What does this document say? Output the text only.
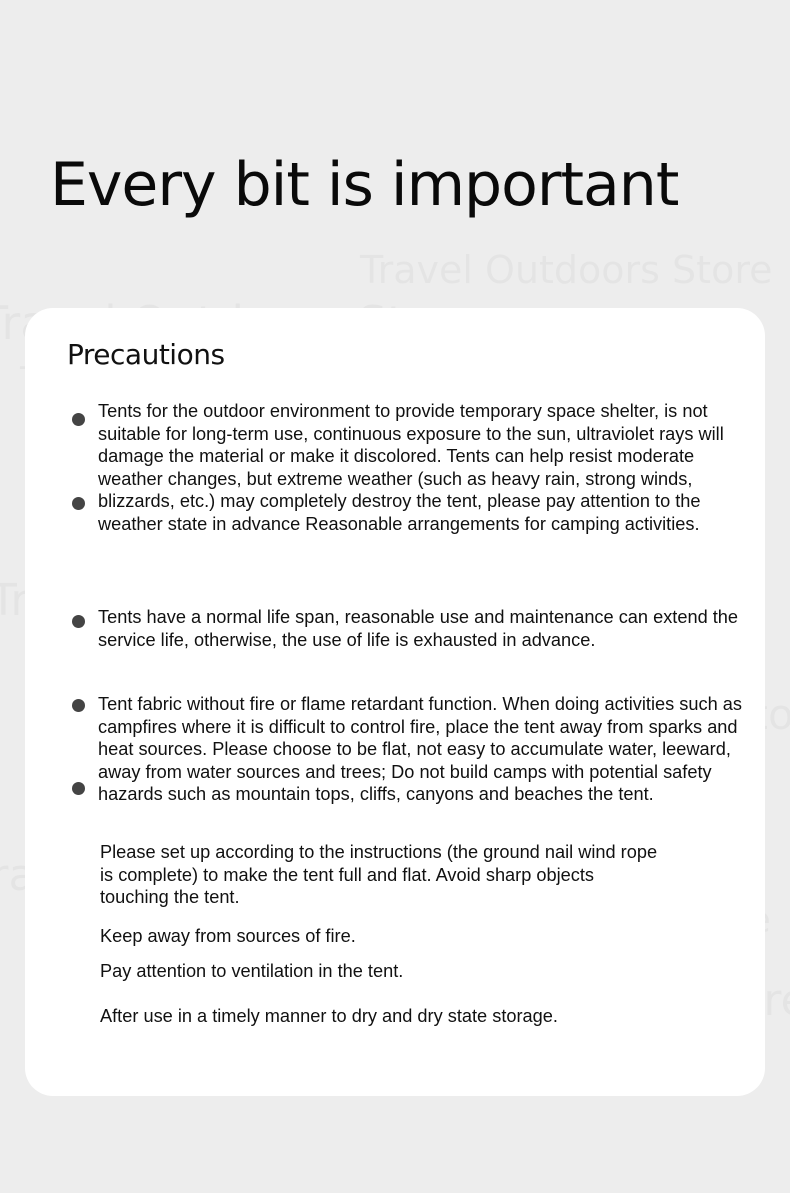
Every bit is important
Precautions

Tents for the outdoor environment to provide temporary space shelter, is not suitable for long-term use, continuous exposure to the sun, ultraviolet rays will damage the material or make it discolored. Tents can help resist moderate weather changes, but extreme weather (such as heavy rain, strong winds, blizzards, etc.) may completely destroy the tent, please pay attention to the weather state in advance Reasonable arrangements for camping activities.

Tents have a normal life span, reasonable use and maintenance can extend the service life, otherwise, the use of life is exhausted in advance.

Tent fabric without fire or flame retardant function. When doing activities such as campfires where it is difficult to control fire, place the tent away from sparks and heat sources. Please choose to be flat, not easy to accumulate water, leeward, away from water sources and trees; Do not build camps with potential safety hazards such as mountain tops, cliffs, canyons and beaches the tent.

Please set up according to the instructions (the ground nail wind rope is complete) to make the tent full and flat. Avoid sharp objects touching the tent.

Keep away from sources of fire.

Pay attention to ventilation in the tent.

After use in a timely manner to dry and dry state storage.
